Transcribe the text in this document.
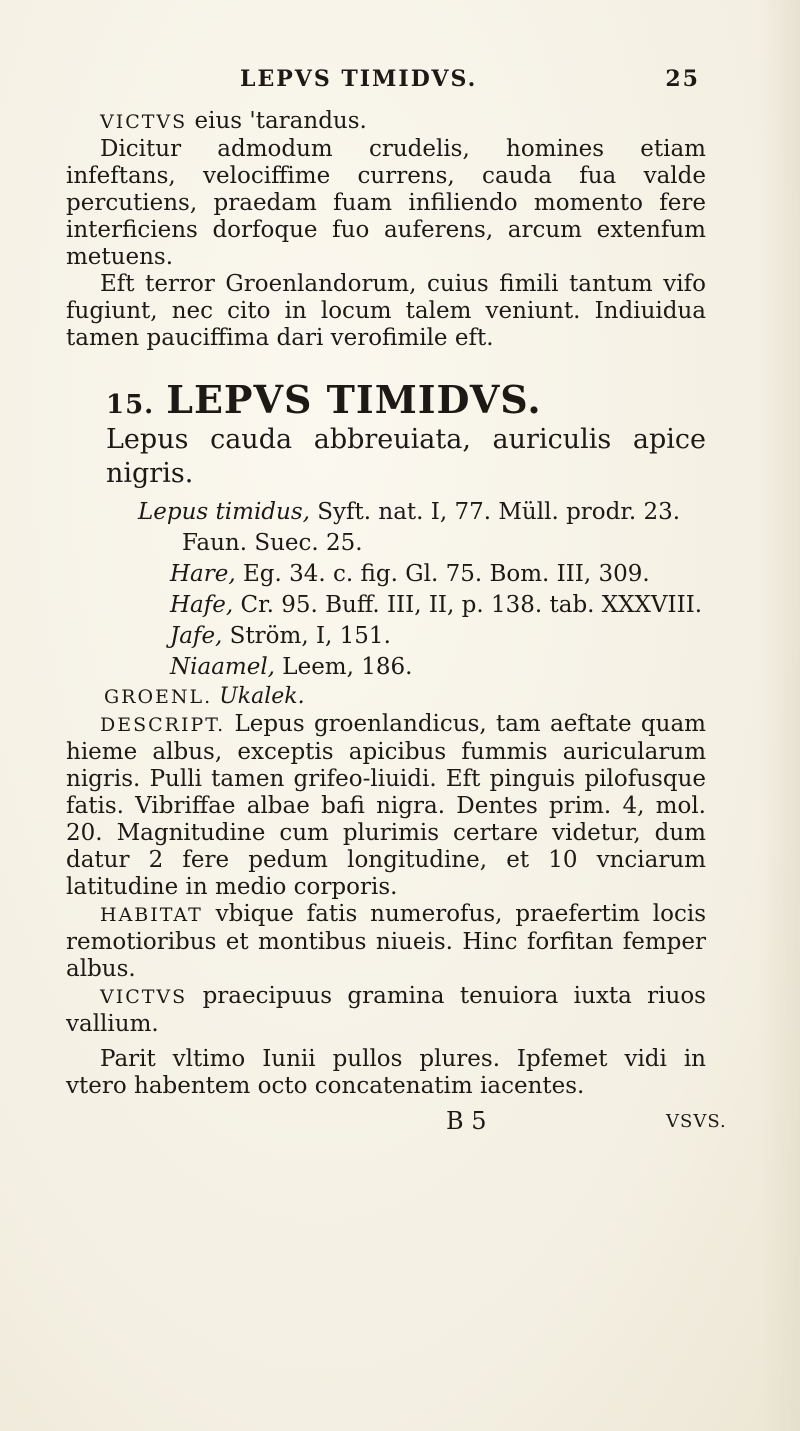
LEPVS TIMIDVS.	25

VICTVS eius 'tarandus.

Dicitur admodum crudelis, homines etiam infeftans, velociffime currens, cauda fua valde percutiens, praedam fuam infiliendo momento fere interficiens dorfoque fuo auferens, arcum extenfum metuens.

Eft terror Groenlandorum, cuius fimili tantum vifo fugiunt, nec cito in locum talem veniunt. Indiuidua tamen pauciffima dari verofimile eft.

15. LEPVS TIMIDVS.

Lepus cauda abbreuiata, auriculis apice nigris.

Lepus timidus, Syft. nat. I, 77. Müll. prodr. 23.
Faun. Suec. 25.
Hare, Eg. 34. c. fig. Gl. 75. Bom. III, 309.
Hafe, Cr. 95. Buff. III, II, p. 138. tab. XXXVIII.
Jafe, Ström, I, 151.
Niaamel, Leem, 186.

GROENL. Ukalek.

DESCRIPT. Lepus groenlandicus, tam aeftate quam hieme albus, exceptis apicibus fummis auricularum nigris. Pulli tamen grifeo-liuidi. Eft pinguis pilofusque fatis. Vibriffae albae bafi nigra. Dentes prim. 4, mol. 20. Magnitudine cum plurimis certare videtur, dum datur 2 fere pedum longitudine, et 10 vnciarum latitudine in medio corporis.

HABITAT vbique fatis numerofus, praefertim locis remotioribus et montibus niueis. Hinc forfitan femper albus.

VICTVS praecipuus gramina tenuiora iuxta riuos vallium.

Parit vltimo Iunii pullos plures. Ipfemet vidi in vtero habentem octo concatenatim iacentes.

B 5	VSVS.
